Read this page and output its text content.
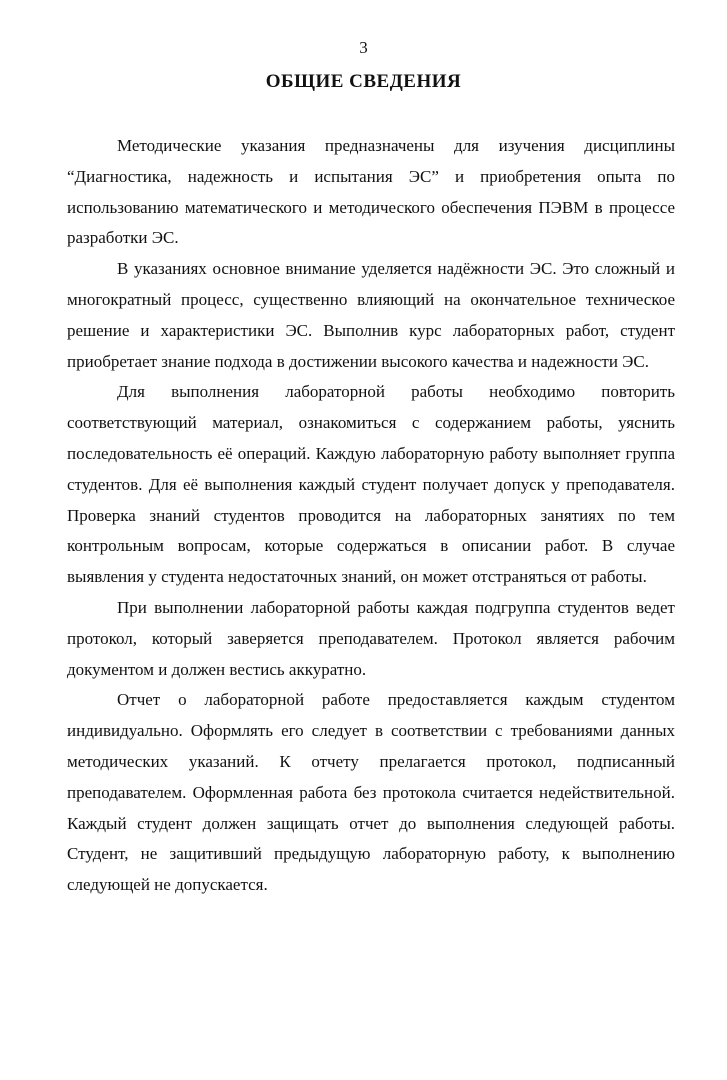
3
ОБЩИЕ СВЕДЕНИЯ

Методические указания предназначены для изучения дисциплины “Диагностика, надежность и испытания ЭС” и приобретения опыта по использованию математического и методического обеспечения ПЭВМ в процессе разработки ЭС.

В указаниях основное внимание уделяется надёжности ЭС. Это сложный и многократный процесс, существенно влияющий на окончательное техническое решение и характеристики ЭС. Выполнив курс лабораторных работ, студент приобретает знание подхода в достижении высокого качества и надежности ЭС.

Для выполнения лабораторной работы необходимо повторить соответствующий материал, ознакомиться с содержанием работы, уяснить последовательность её операций. Каждую лабораторную работу выполняет группа студентов. Для её выполнения каждый студент получает допуск у преподавателя. Проверка знаний студентов проводится на лабораторных занятиях по тем контрольным вопросам, которые содержаться в описании работ. В случае выявления у студента недостаточных знаний, он может отстраняться от работы.

При выполнении лабораторной работы каждая подгруппа студентов ведет протокол, который заверяется преподавателем. Протокол является рабочим документом и должен вестись аккуратно.

Отчет о лабораторной работе предоставляется каждым студентом индивидуально. Оформлять его следует в соответствии с требованиями данных методических указаний. К отчету прелагается протокол, подписанный преподавателем. Оформленная работа без протокола считается недействительной. Каждый студент должен защищать отчет до выполнения следующей работы. Студент, не защитивший предыдущую лабораторную работу, к выполнению следующей не допускается.
